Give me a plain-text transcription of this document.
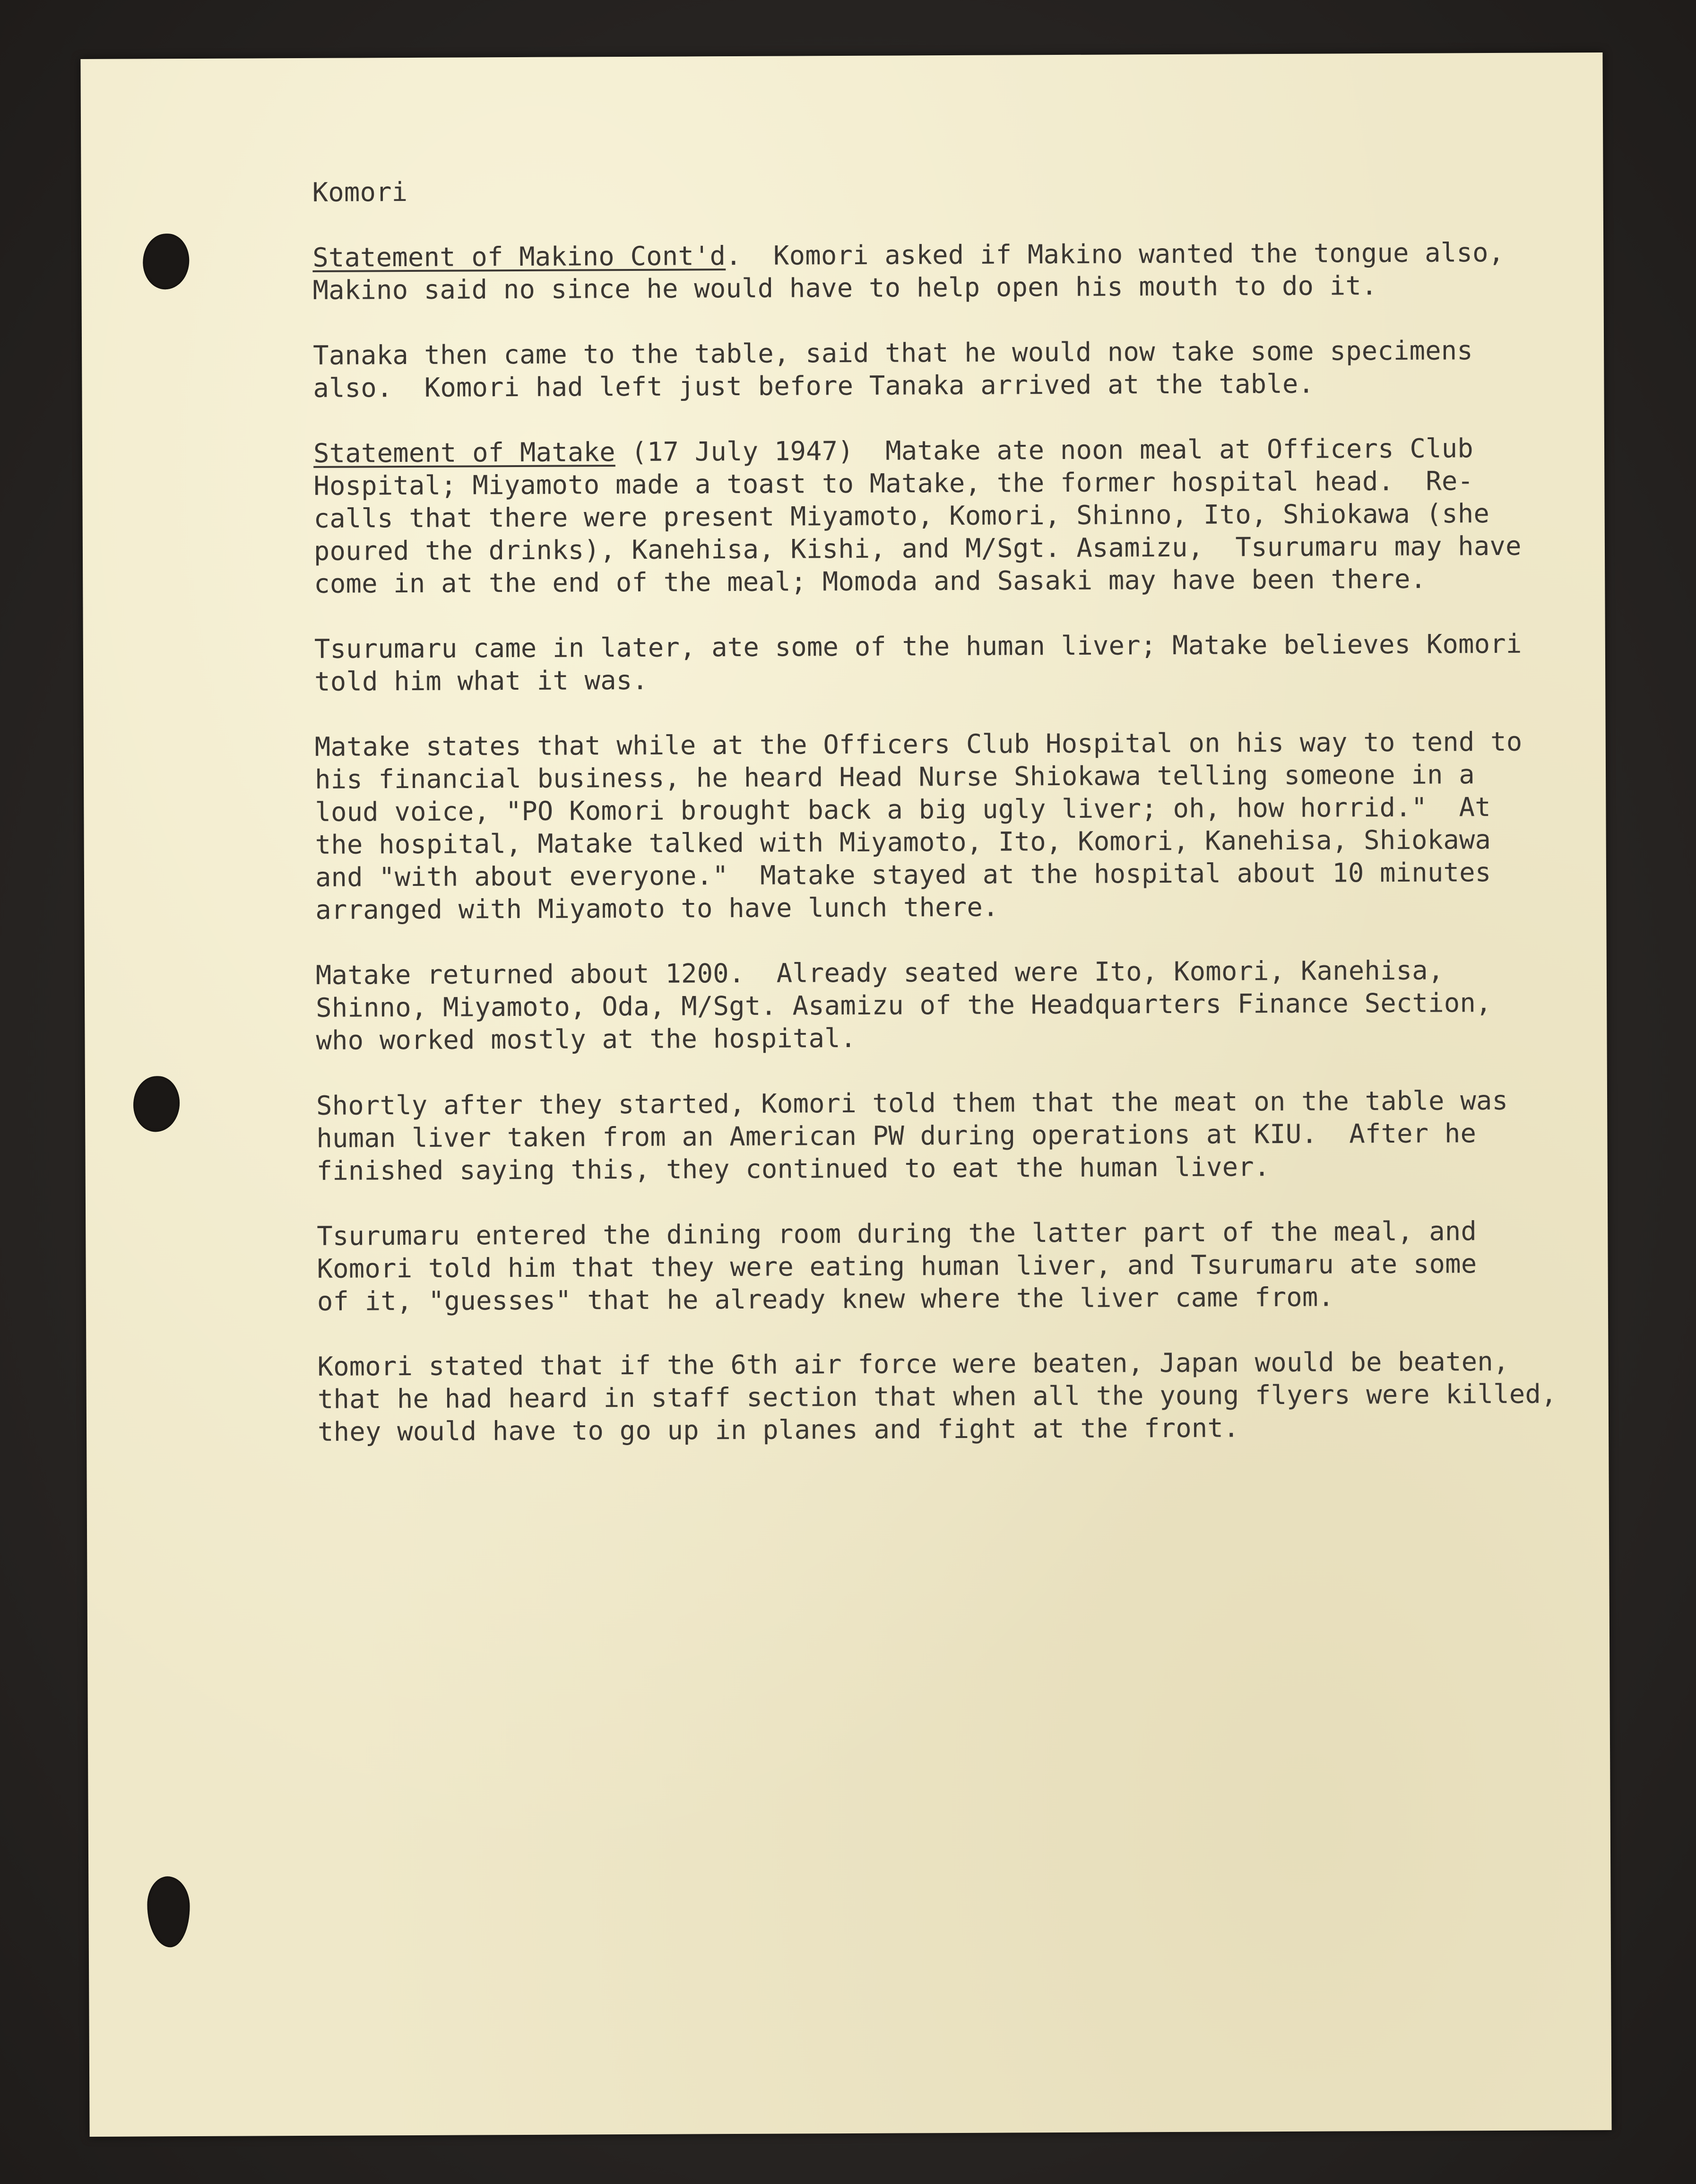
Komori
Statement of Makino Cont'd.  Komori asked if Makino wanted the tongue also,
Makino said no since he would have to help open his mouth to do it.
Tanaka then came to the table, said that he would now take some specimens
also.  Komori had left just before Tanaka arrived at the table.
Statement of Matake (17 July 1947)  Matake ate noon meal at Officers Club
Hospital; Miyamoto made a toast to Matake, the former hospital head.  Re-
calls that there were present Miyamoto, Komori, Shinno, Ito, Shiokawa (she
poured the drinks), Kanehisa, Kishi, and M/Sgt. Asamizu,  Tsurumaru may have
come in at the end of the meal; Momoda and Sasaki may have been there.
Tsurumaru came in later, ate some of the human liver; Matake believes Komori
told him what it was.
Matake states that while at the Officers Club Hospital on his way to tend to
his financial business, he heard Head Nurse Shiokawa telling someone in a
loud voice, "PO Komori brought back a big ugly liver; oh, how horrid."  At
the hospital, Matake talked with Miyamoto, Ito, Komori, Kanehisa, Shiokawa
and "with about everyone."  Matake stayed at the hospital about 10 minutes
arranged with Miyamoto to have lunch there.
Matake returned about 1200.  Already seated were Ito, Komori, Kanehisa,
Shinno, Miyamoto, Oda, M/Sgt. Asamizu of the Headquarters Finance Section,
who worked mostly at the hospital.
Shortly after they started, Komori told them that the meat on the table was
human liver taken from an American PW during operations at KIU.  After he
finished saying this, they continued to eat the human liver.
Tsurumaru entered the dining room during the latter part of the meal, and
Komori told him that they were eating human liver, and Tsurumaru ate some
of it, "guesses" that he already knew where the liver came from.
Komori stated that if the 6th air force were beaten, Japan would be beaten,
that he had heard in staff section that when all the young flyers were killed,
they would have to go up in planes and fight at the front.
